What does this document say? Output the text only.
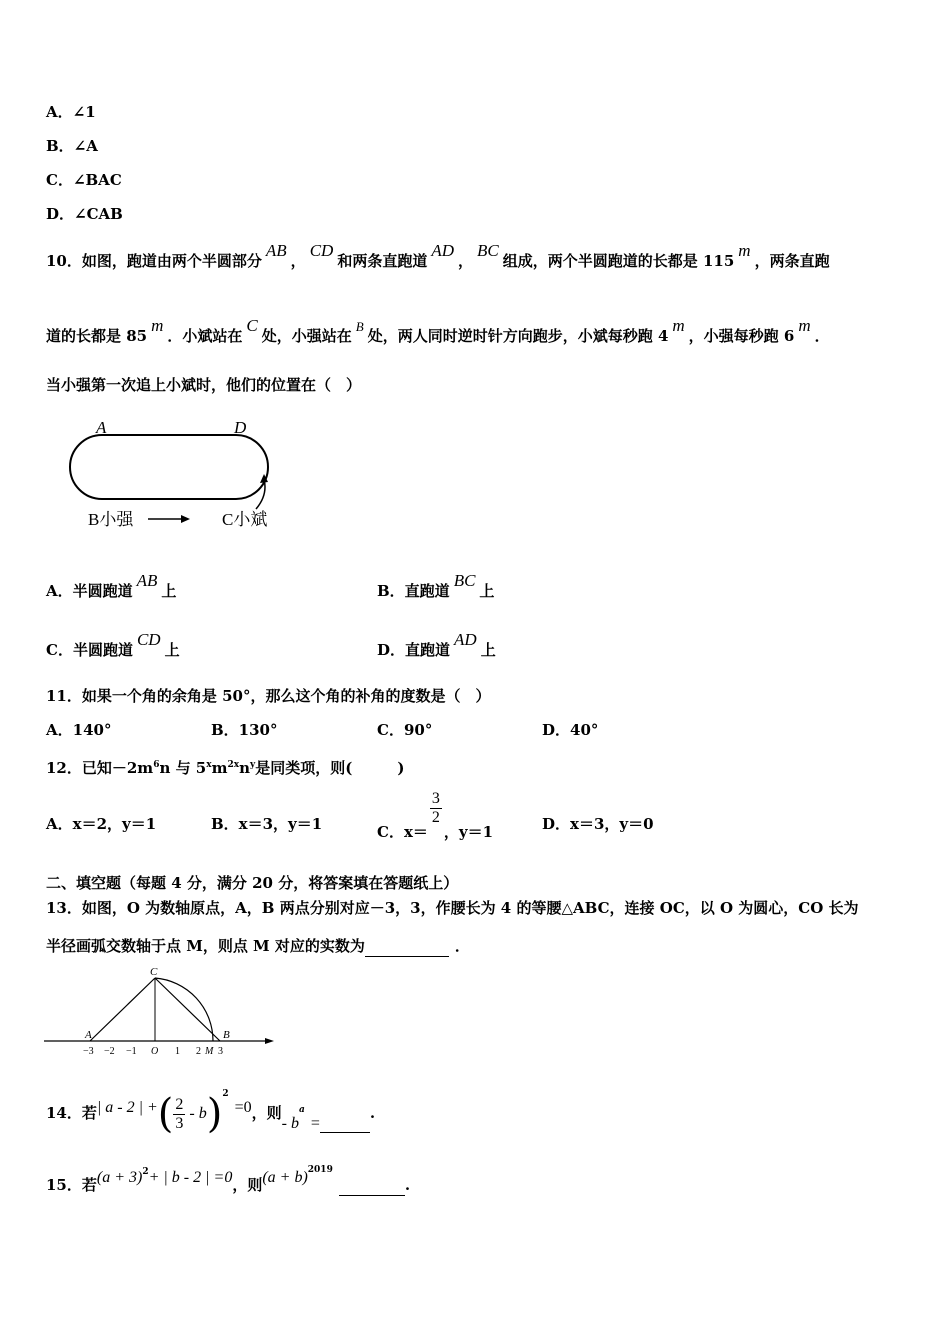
A．∠1
B．∠A
C．∠BAC
D．∠CAB
10．如图，跑道由两个半圆部分AB，CD和两条直跑道AD，BC组成，两个半圆跑道的长都是 115m，两条直跑
道的长都是 85m．小斌站在C处，小强站在B处，两人同时逆时针方向跑步，小斌每秒跑 4m，小强每秒跑 6m．
当小强第一次追上小斌时，他们的位置在（　）
A	D
B小强	C小斌
A．半圆跑道AB上	B．直跑道BC上
C．半圆跑道CD上	D．直跑道AD上
11．如果一个角的余角是 50°，那么这个角的补角的度数是（　）
A．140°	B．130°	C．90°	D．40°
12．已知$-2m^6n$ 与 $5^xm^{2x}n^y$是同类项，则(　　　)
A．x＝2，y＝1	B．x＝3，y＝1	C．x＝
$\frac{3}{2}$
，y＝1	D．x＝3，y＝0
二、填空题（每题 4 分，满分 20 分，将答案填在答题纸上）
13．如图，O 为数轴原点，A，B 两点分别对应－3，3，作腰长为 4 的等腰△ABC，连接 OC，以 O 为圆心，CO 长为
半径画弧交数轴于点 M，则点 M 对应的实数为	．
C
A	B
−3 −2 −1 O 1 2 M 3
14．若| a - 2 | +( $\frac{2}{3} - b)^2=0$，则- $b^a=$ .
15．若$(a + 3)^2+$ | b - 2 | =0，则$(a + b)^{2019}$ .
